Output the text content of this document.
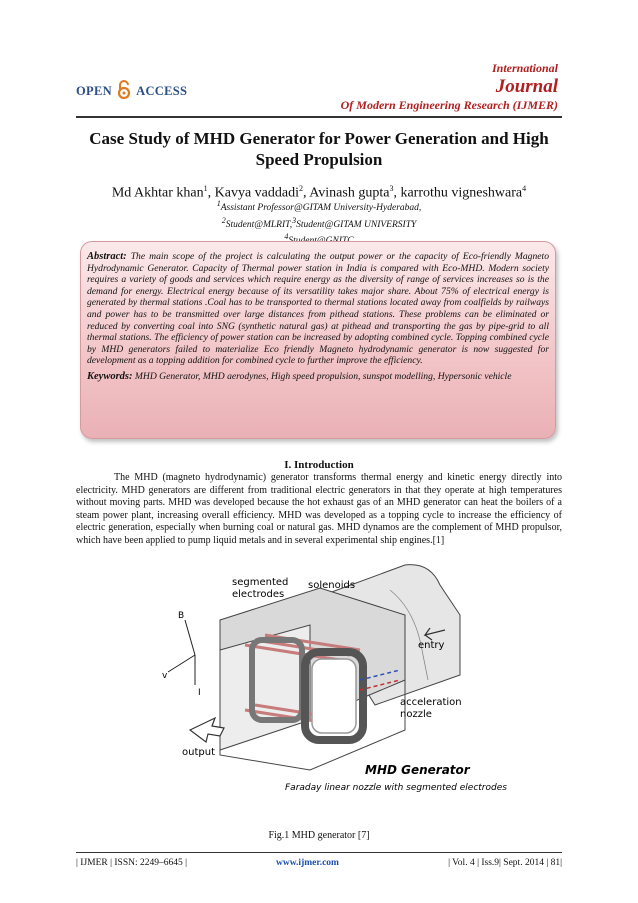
OPEN ACCESS
International
Journal
Of Modern Engineering Research (IJMER)
Case Study of MHD Generator for Power Generation and High Speed Propulsion
Md Akhtar khan$^1$, Kavya vaddadi$^2$, Avinash gupta$^3$, karrothu vigneshwara$^4$
$^1$Assistant Professor@GITAM University-Hyderabad,
$^2$Student@MLRIT,$^3$Student@GITAM UNIVERSITY
$^4$
Abstract: The main scope of the project is calculating the output power or the capacity of Eco-friendly Magneto Hydrodynamic Generator. Capacity of Thermal power station in India is compared with Eco-MHD. Modern society requires a variety of goods and services which require energy as the diversity of range of services increases so is the demand for energy. Electrical energy because of its versatility takes major share. About 75% of electrical energy is generated by thermal stations .Coal has to be transported to thermal stations located away from coalfields by railways and power has to be transmitted over large distances from pithead stations. These problems can be eliminated or reduced by converting coal into SNG (synthetic natural gas) at pithead and transporting the gas by pipe-grid to all thermal stations. The efficiency of power station can be increased by adopting combined cycle. Topping combined cycle by MHD generators failed to materialize Eco friendly Magneto hydrodynamic generator is now suggested for development as a topping addition for combined cycle to further improve the efficiency.
Keywords: MHD Generator, MHD aerodynes, High speed propulsion, sunspot modelling, Hypersonic vehicle
I. Introduction
The MHD (magneto hydrodynamic) generator transforms thermal energy and kinetic energy directly into electricity. MHD generators are different from traditional electric generators in that they operate at high temperatures without moving parts. MHD was developed because the hot exhaust gas of an MHD generator can heat the boilers of a steam power plant, increasing overall efficiency. MHD was developed as a topping cycle to increase the efficiency of electric generation, especially when burning coal or natural gas. MHD dynamos are the complement of MHD propulsor, which have been applied to pump liquid metals and in several experimental ship engines.[1]
segmented
electrodes
solenoids
B
v
I
entry
acceleration
nozzle
output
MHD Generator
Faraday linear nozzle with segmented electrodes
Fig.1 MHD generator [7]
| IJMER | ISSN: 2249–6645 |	www.ijmer.com	| Vol. 4 | Iss.9| Sept. 2014 | 81|
